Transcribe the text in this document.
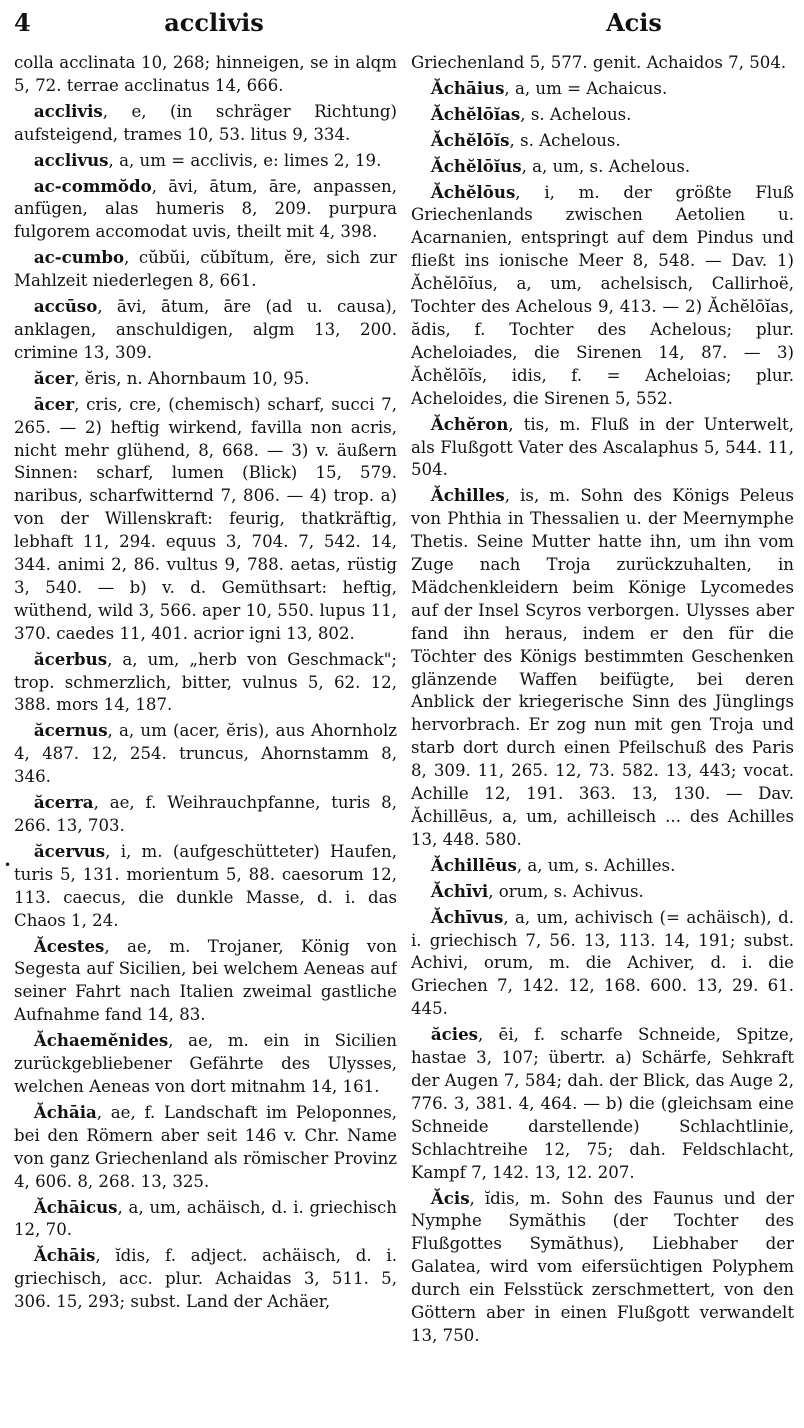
4	acclivis	Acis
•

colla acclinata 10, 268; hinneigen, se in alqm 5, 72. terrae acclinatus 14, 666.

acclivis, e, (in schräger Richtung) aufsteigend, trames 10, 53. litus 9, 334.

acclivus, a, um = acclivis, e: limes 2, 19.

ac-commŏdo, āvi, ātum, āre, anpassen, anfügen, alas humeris 8, 209. purpura fulgorem accomodat uvis, theilt mit 4, 398.

ac-cumbo, cŭbŭi, cŭbĭtum, ĕre, sich zur Mahlzeit niederlegen 8, 661.

accūso, āvi, ātum, āre (ad u. causa), anklagen, anschuldigen, algm 13, 200. crimine 13, 309.

ăcer, ĕris, n. Ahornbaum 10, 95.

ācer, cris, cre, (chemisch) scharf, succi 7, 265. — 2) heftig wirkend, favilla non acris, nicht mehr glühend, 8, 668. — 3) v. äußern Sinnen: scharf, lumen (Blick) 15, 579. naribus, scharfwitternd 7, 806. — 4) trop. a) von der Willenskraft: feurig, thatkräftig, lebhaft 11, 294. equus 3, 704. 7, 542. 14, 344. animi 2, 86. vultus 9, 788. aetas, rüstig 3, 540. — b) v. d. Gemüthsart: heftig, wüthend, wild 3, 566. aper 10, 550. lupus 11, 370. caedes 11, 401. acrior igni 13, 802.

ăcerbus, a, um, „herb von Geschmack"; trop. schmerzlich, bitter, vulnus 5, 62. 12, 388. mors 14, 187.

ăcernus, a, um (acer, ĕris), aus Ahornholz 4, 487. 12, 254. truncus, Ahornstamm 8, 346.

ăcerra, ae, f. Weihrauchpfanne, turis 8, 266. 13, 703.

ăcervus, i, m. (aufgeschütteter) Haufen, turis 5, 131. morientum 5, 88. caesorum 12, 113. caecus, die dunkle Masse, d. i. das Chaos 1, 24.

Ăcestes, ae, m. Trojaner, König von Segesta auf Sicilien, bei welchem Aeneas auf seiner Fahrt nach Italien zweimal gastliche Aufnahme fand 14, 83.

Ăchaemĕnides, ae, m. ein in Sicilien zurückgebliebener Gefährte des Ulysses, welchen Aeneas von dort mitnahm 14, 161.

Ăchāia, ae, f. Landschaft im Peloponnes, bei den Römern aber seit 146 v. Chr. Name von ganz Griechenland als römischer Provinz 4, 606. 8, 268. 13, 325.

Ăchāicus, a, um, achäisch, d. i. griechisch 12, 70.

Ăchāis, ĭdis, f. adject. achäisch, d. i. griechisch, acc. plur. Achaidas 3, 511. 5, 306. 15, 293; subst. Land der Achäer,

Griechenland 5, 577. genit. Achaidos 7, 504.

Ăchāius, a, um = Achaicus.

Ăchĕlōĭas, s. Achelous.

Ăchĕlōĭs, s. Achelous.

Ăchĕlōĭus, a, um, s. Achelous.

Ăchĕlōus, i, m. der größte Fluß Griechenlands zwischen Aetolien u. Acarnanien, entspringt auf dem Pindus und fließt ins ionische Meer 8, 548. — Dav. 1) Ăchĕlōĭus, a, um, achelsisch, Callirhoë, Tochter des Achelous 9, 413. — 2) Ăchĕlōĭas, ădis, f. Tochter des Achelous; plur. Acheloiades, die Sirenen 14, 87. — 3) Ăchĕlōĭs, idis, f. = Acheloias; plur. Acheloides, die Sirenen 5, 552.

Ăchĕron, tis, m. Fluß in der Unterwelt, als Flußgott Vater des Ascalaphus 5, 544. 11, 504.

Ăchilles, is, m. Sohn des Königs Peleus von Phthia in Thessalien u. der Meernymphe Thetis. Seine Mutter hatte ihn, um ihn vom Zuge nach Troja zurückzuhalten, in Mädchenkleidern beim Könige Lycomedes auf der Insel Scyros verborgen. Ulysses aber fand ihn heraus, indem er den für die Töchter des Königs bestimmten Geschenken glänzende Waffen beifügte, bei deren Anblick der kriegerische Sinn des Jünglings hervorbrach. Er zog nun mit gen Troja und starb dort durch einen Pfeilschuß des Paris 8, 309. 11, 265. 12, 73. 582. 13, 443; vocat. Achille 12, 191. 363. 13, 130. — Dav. Ăchillēus, a, um, achilleisch ... des Achilles 13, 448. 580.

Ăchillēus, a, um, s. Achilles.

Ăchīvi, orum, s. Achivus.

Ăchīvus, a, um, achivisch (= achäisch), d. i. griechisch 7, 56. 13, 113. 14, 191; subst. Achivi, orum, m. die Achiver, d. i. die Griechen 7, 142. 12, 168. 600. 13, 29. 61. 445.

ăcies, ēi, f. scharfe Schneide, Spitze, hastae 3, 107; übertr. a) Schärfe, Sehkraft der Augen 7, 584; dah. der Blick, das Auge 2, 776. 3, 381. 4, 464. — b) die (gleichsam eine Schneide darstellende) Schlachtlinie, Schlachtreihe 12, 75; dah. Feldschlacht, Kampf 7, 142. 13, 12. 207.

Ăcis, ĭdis, m. Sohn des Faunus und der Nymphe Symăthis (der Tochter des Flußgottes Symăthus), Liebhaber der Galatea, wird vom eifersüchtigen Polyphem durch ein Felsstück zerschmettert, von den Göttern aber in einen Flußgott verwandelt 13, 750.
